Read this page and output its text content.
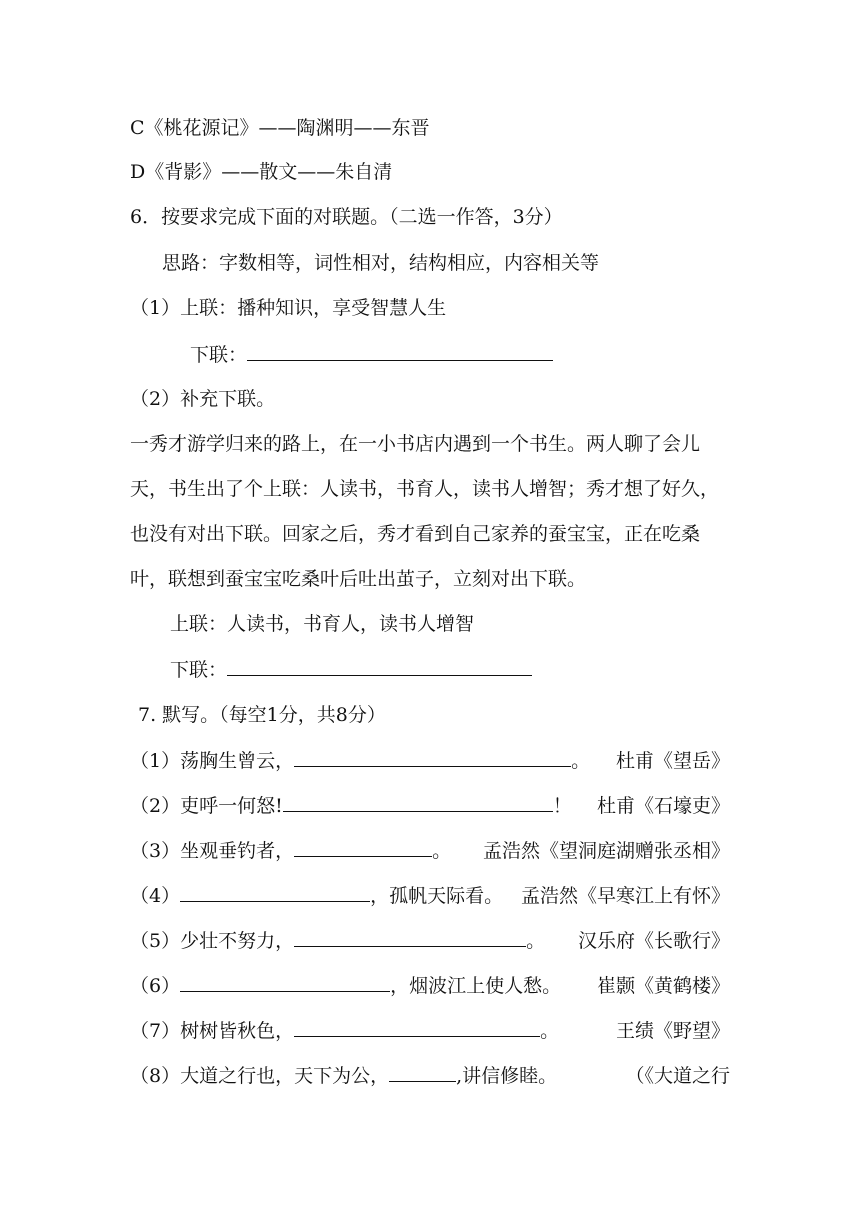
C《桃花源记》——陶渊明——东晋
D《背影》——散文——朱自清
6．按要求完成下面的对联题。（二选一作答，3分）
思路：字数相等，词性相对，结构相应，内容相关等
（1）上联：播种知识，享受智慧人生
下联：
（2）补充下联。
一秀才游学归来的路上，在一小书店内遇到一个书生。两人聊了会儿
天，书生出了个上联：人读书，书育人，读书人增智；秀才想了好久，
也没有对出下联。回家之后，秀才看到自己家养的蚕宝宝，正在吃桑
叶，联想到蚕宝宝吃桑叶后吐出茧子，立刻对出下联。
上联：人读书，书育人，读书人增智
下联：
7. 默写。（每空1分，共8分）
（1） 荡胸生曾云，	。 杜甫《望岳》
（2） 吏呼一何怒!	！ 杜甫《石壕吏》
（3） 坐观垂钓者，	。 孟浩然《望洞庭湖赠张丞相》
（4）	，孤帆天际看。 孟浩然《早寒江上有怀》
（5） 少壮不努力，	。 汉乐府《长歌行》
（6）	，烟波江上使人愁。 崔颢《黄鹤楼》
（7） 树树皆秋色，	。	王绩《野望》
（8） 大道之行也，天下为公，	,讲信修睦。	（《大道之行
